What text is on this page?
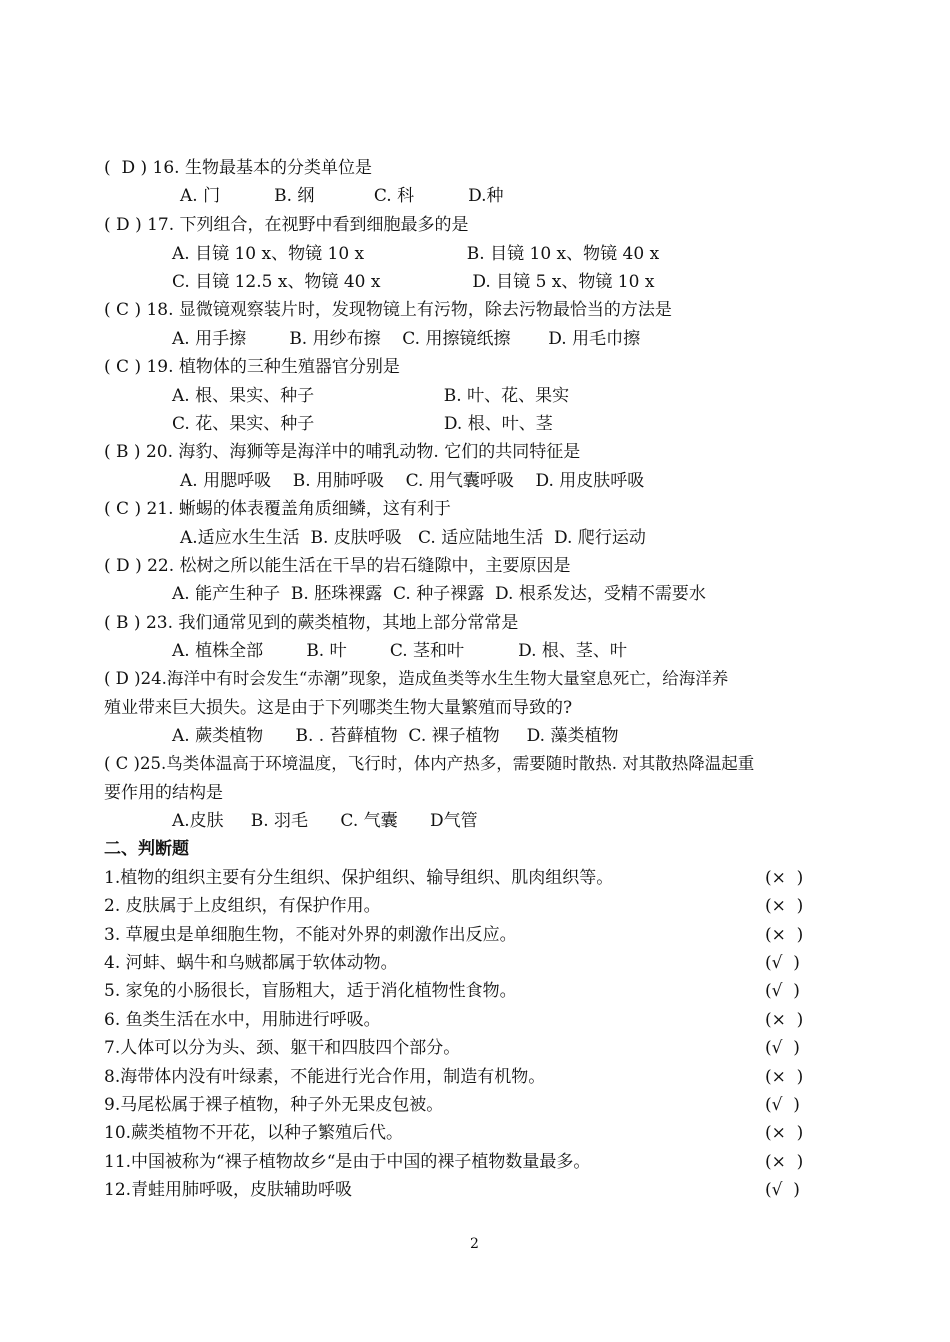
(  D ) 16. 生物最基本的分类单位是
A. 门          B. 纲           C. 科          D.种
( D ) 17. 下列组合，在视野中看到细胞最多的是
A. 目镜 10 x、物镜 10 x                   B. 目镜 10 x、物镜 40 x
C. 目镜 12.5 x、物镜 40 x                 D. 目镜 5 x、物镜 10 x
( C ) 18. 显微镜观察装片时，发现物镜上有污物，除去污物最恰当的方法是
A. 用手擦        B. 用纱布擦    C. 用擦镜纸擦       D. 用毛巾擦
( C ) 19. 植物体的三种生殖器官分别是
A. 根、果实、种子                        B. 叶、花、果实
C. 花、果实、种子                        D. 根、叶、茎
( B ) 20. 海豹、海狮等是海洋中的哺乳动物. 它们的共同特征是
A. 用腮呼吸    B. 用肺呼吸    C. 用气囊呼吸    D. 用皮肤呼吸
( C ) 21. 蜥蜴的体表覆盖角质细鳞，这有利于
A.适应水生生活  B. 皮肤呼吸   C. 适应陆地生活  D. 爬行运动
( D ) 22. 松树之所以能生活在干旱的岩石缝隙中，主要原因是
A. 能产生种子  B. 胚珠裸露  C. 种子裸露  D. 根系发达，受精不需要水
( B ) 23. 我们通常见到的蕨类植物，其地上部分常常是
A. 植株全部        B. 叶        C. 茎和叶          D. 根、茎、叶
( D )24.海洋中有时会发生“赤潮”现象，造成鱼类等水生生物大量窒息死亡，给海洋养
殖业带来巨大损失。这是由于下列哪类生物大量繁殖而导致的?
A. 蕨类植物      B. . 苔藓植物  C. 裸子植物     D. 藻类植物
( C )25.鸟类体温高于环境温度，飞行时，体内产热多，需要随时散热. 对其散热降温起重
要作用的结构是
A.皮肤     B. 羽毛      C. 气囊      D气管
二、判断题
1.植物的组织主要有分生组织、保护组织、输导组织、肌肉组织等。	(×  )
2. 皮肤属于上皮组织，有保护作用。	(×  )
3. 草履虫是单细胞生物，不能对外界的刺激作出反应。	(×  )
4. 河蚌、蜗牛和乌贼都属于软体动物。	(√  )
5. 家兔的小肠很长，盲肠粗大，适于消化植物性食物。	(√  )
6. 鱼类生活在水中，用肺进行呼吸。	(×  )
7.人体可以分为头、颈、躯干和四肢四个部分。	(√  )
8.海带体内没有叶绿素，不能进行光合作用，制造有机物。	(×  )
9.马尾松属于裸子植物，种子外无果皮包被。	(√  )
10.蕨类植物不开花，以种子繁殖后代。	(×  )
11.中国被称为“裸子植物故乡“是由于中国的裸子植物数量最多。	(×  )
12.青蛙用肺呼吸，皮肤辅助呼吸	(√  )
2
